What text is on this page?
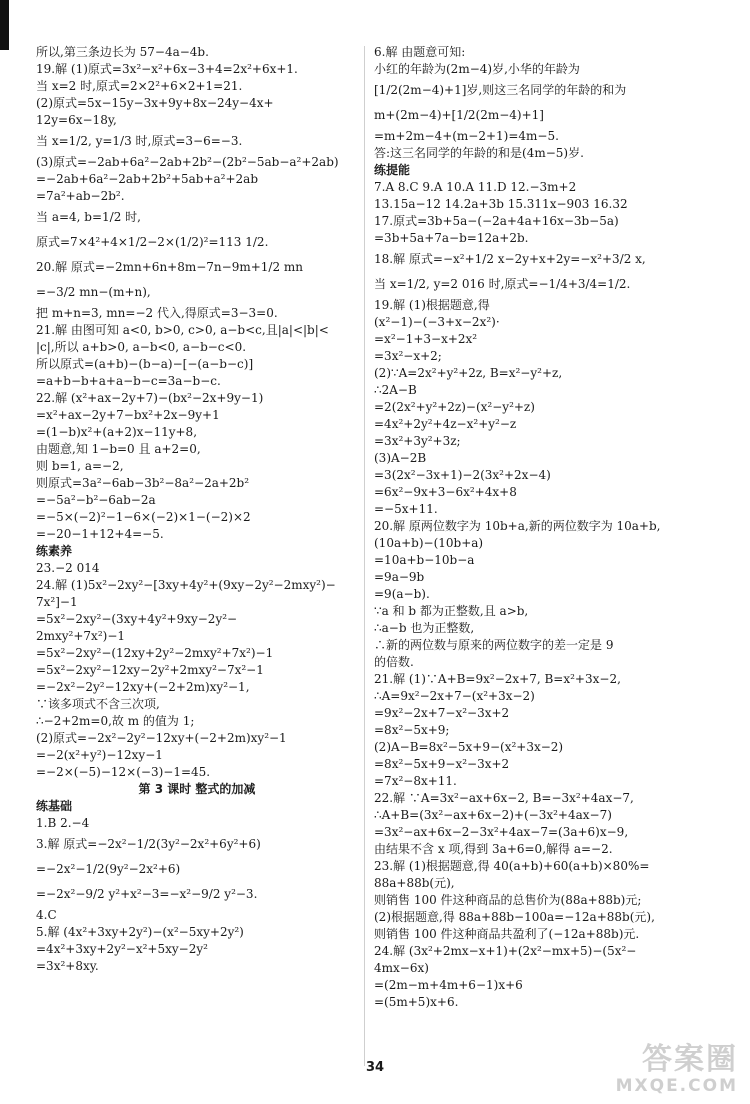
所以,第三条边长为 57−4a−4b.
19.解 (1)原式=3x²−x²+6x−3+4=2x²+6x+1.
当 x=2 时,原式=2×2²+6×2+1=21.
(2)原式=5x−15y−3x+9y+8x−24y−4x+
12y=6x−18y,
当 x=1/2, y=1/3 时,原式=3−6=−3.
(3)原式=−2ab+6a²−2ab+2b²−(2b²−5ab−a²+2ab)
=−2ab+6a²−2ab+2b²+5ab+a²+2ab
=7a²+ab−2b².
当 a=4, b=1/2 时,
原式=7×4²+4×1/2−2×(1/2)²=113 1/2.
20.解 原式=−2mn+6n+8m−7n−9m+1/2 mn
=−3/2 mn−(m+n),
把 m+n=3, mn=−2 代入,得原式=3−3=0.
21.解 由图可知 a<0, b>0, c>0, a−b<c,且|a|<|b|<
|c|,所以 a+b>0, a−b<0, a−b−c<0.
所以原式=(a+b)−(b−a)−[−(a−b−c)]
=a+b−b+a+a−b−c=3a−b−c.
22.解 (x²+ax−2y+7)−(bx²−2x+9y−1)
=x²+ax−2y+7−bx²+2x−9y+1
=(1−b)x²+(a+2)x−11y+8,
由题意,知 1−b=0 且 a+2=0,
则 b=1, a=−2,
则原式=3a²−6ab−3b²−8a²−2a+2b²
=−5a²−b²−6ab−2a
=−5×(−2)²−1−6×(−2)×1−(−2)×2
=−20−1+12+4=−5.
练素养
23.−2 014
24.解 (1)5x²−2xy²−[3xy+4y²+(9xy−2y²−2mxy²)−
7x²]−1
=5x²−2xy²−(3xy+4y²+9xy−2y²−
2mxy²+7x²)−1
=5x²−2xy²−(12xy+2y²−2mxy²+7x²)−1
=5x²−2xy²−12xy−2y²+2mxy²−7x²−1
=−2x²−2y²−12xy+(−2+2m)xy²−1,
∵该多项式不含三次项,
∴−2+2m=0,故 m 的值为 1;
(2)原式=−2x²−2y²−12xy+(−2+2m)xy²−1
=−2(x²+y²)−12xy−1
=−2×(−5)−12×(−3)−1=45.
第 3 课时 整式的加减
练基础
1.B 2.−4
3.解 原式=−2x²−1/2(3y²−2x²+6y²+6)
=−2x²−1/2(9y²−2x²+6)
=−2x²−9/2 y²+x²−3=−x²−9/2 y²−3.
4.C
5.解 (4x²+3xy+2y²)−(x²−5xy+2y²)
=4x²+3xy+2y²−x²+5xy−2y²
=3x²+8xy.
6.解 由题意可知:
小红的年龄为(2m−4)岁,小华的年龄为
[1/2(2m−4)+1]岁,则这三名同学的年龄的和为
m+(2m−4)+[1/2(2m−4)+1]
=m+2m−4+(m−2+1)=4m−5.
答:这三名同学的年龄的和是(4m−5)岁.
练提能
7.A 8.C 9.A 10.A 11.D 12.−3m+2
13.15a−12 14.2a+3b 15.311x−903 16.32
17.原式=3b+5a−(−2a+4a+16x−3b−5a)
=3b+5a+7a−b=12a+2b.
18.解 原式=−x²+1/2 x−2y+x+2y=−x²+3/2 x,
当 x=1/2, y=2 016 时,原式=−1/4+3/4=1/2.
19.解 (1)根据题意,得
(x²−1)−(−3+x−2x²)·
=x²−1+3−x+2x²
=3x²−x+2;
(2)∵A=2x²+y²+2z, B=x²−y²+z,
∴2A−B
=2(2x²+y²+2z)−(x²−y²+z)
=4x²+2y²+4z−x²+y²−z
=3x²+3y²+3z;
(3)A−2B
=3(2x²−3x+1)−2(3x²+2x−4)
=6x²−9x+3−6x²+4x+8
=−5x+11.
20.解 原两位数字为 10b+a,新的两位数字为 10a+b,
(10a+b)−(10b+a)
=10a+b−10b−a
=9a−9b
=9(a−b).
∵a 和 b 都为正整数,且 a>b,
∴a−b 也为正整数,
∴新的两位数与原来的两位数字的差一定是 9
的倍数.
21.解 (1)∵A+B=9x²−2x+7, B=x²+3x−2,
∴A=9x²−2x+7−(x²+3x−2)
=9x²−2x+7−x²−3x+2
=8x²−5x+9;
(2)A−B=8x²−5x+9−(x²+3x−2)
=8x²−5x+9−x²−3x+2
=7x²−8x+11.
22.解 ∵A=3x²−ax+6x−2, B=−3x²+4ax−7,
∴A+B=(3x²−ax+6x−2)+(−3x²+4ax−7)
=3x²−ax+6x−2−3x²+4ax−7=(3a+6)x−9,
由结果不含 x 项,得到 3a+6=0,解得 a=−2.
23.解 (1)根据题意,得 40(a+b)+60(a+b)×80%=
88a+88b(元),
则销售 100 件这种商品的总售价为(88a+88b)元;
(2)根据题意,得 88a+88b−100a=−12a+88b(元),
则销售 100 件这种商品共盈利了(−12a+88b)元.
24.解 (3x²+2mx−x+1)+(2x²−mx+5)−(5x²−
4mx−6x)
=(2m−m+4m+6−1)x+6
=(5m+5)x+6.
34	答案圈
MXQE.COM
